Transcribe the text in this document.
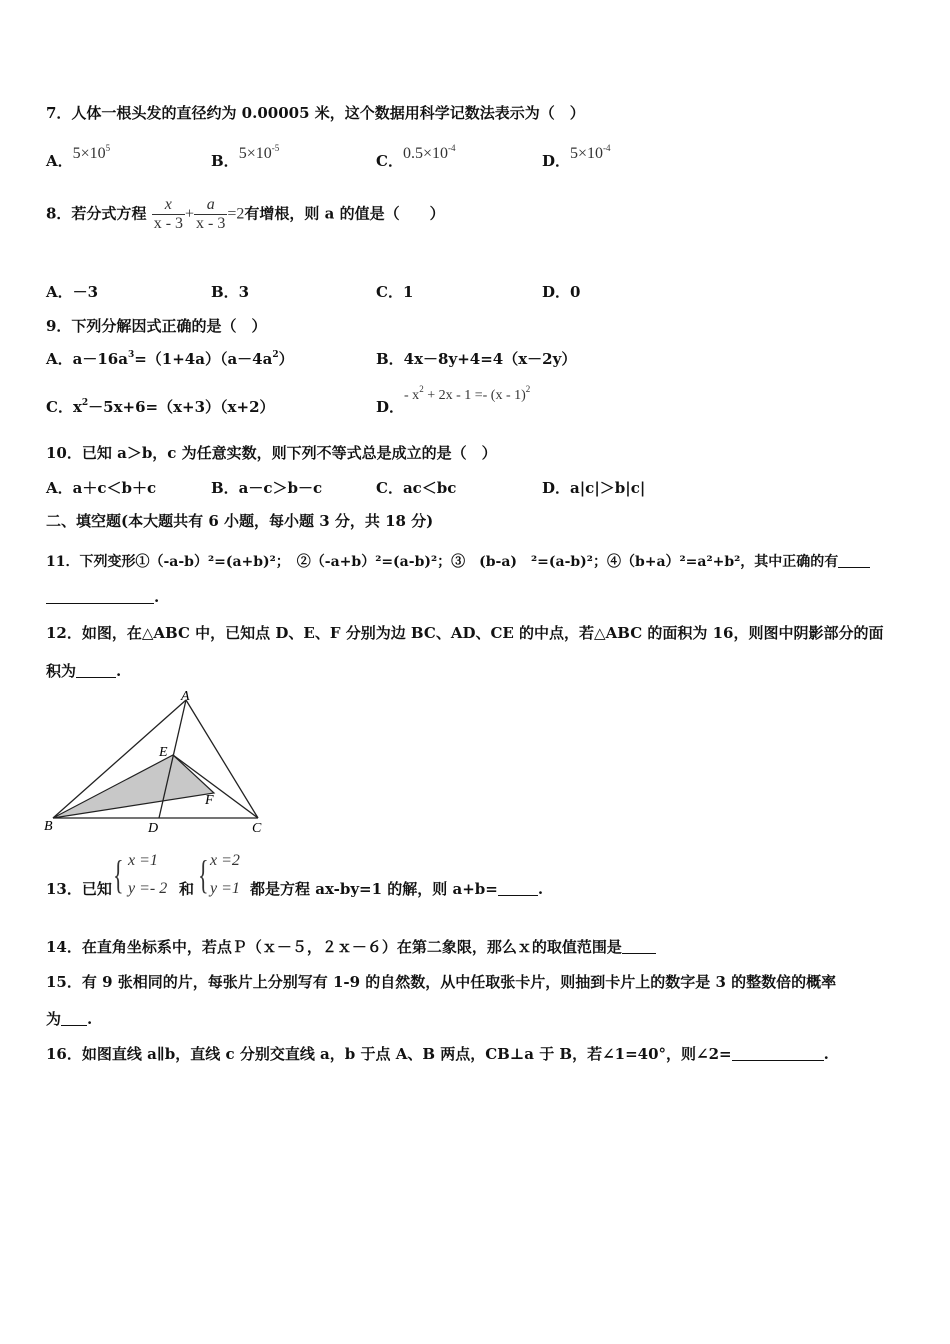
7．人体一根头发的直径约为 0.00005 米，这个数据用科学记数法表示为（　）
A．$5\times 10^5$
B．$5\times 10^{-5}$
C．$0.5\times 10^{-4}$
D．$5\times 10^{-4}$
8．若分式方程 $\frac{x}{x - 3} + \frac{a}{x - 3} =2$有增根，则 a 的值是（　　）
A．－3	B．3	C．1	D．0
9．下列分解因式正确的是（　）
A．$a-16a^3=(1+4a)(a-4a^2)$	B．4x－8y+4=4（x－2y）
C．$x^2-5x+6=(x+3)(x+2)$	D．- $x^2 + 2x - 1 =- (x - 1)^2$
10．已知 a＞b，c 为任意实数，则下列不等式总是成立的是（　）
A．a＋c＜b＋c	B．a－c＞b－c	C．ac＜bc	D．a|c|＞b|c|
二、填空题(本大题共有 6 小题，每小题 3 分，共 18 分)
11．下列变形①（-a-b）²=(a+b)²；　②（-a+b）²=(a-b)²；③　(b-a)　²=(a-b)²；④（b+a）²=a²+b²，其中正确的有
.
12．如图，在△ABC 中，已知点 D、E、F 分别为边 BC、AD、CE 的中点，若△ABC 的面积为 16，则图中阴影部分的面
积为	.
A
B	C
D
E
F
13．已知 { x =1
y =- 2 和 { x =2
y =1 都是方程 ax-by=1 的解，则 a+b=	.
14．在直角坐标系中，若点Ｐ（ｘ－５，２ｘ－６）在第二象限，那么ｘ的取值范围是
15．有 9 张相同的片，每张片上分别写有 1-9 的自然数，从中任取张卡片，则抽到卡片上的数字是 3 的整数倍的概率
为 .
16．如图直线 a∥b，直线 c 分别交直线 a，b 于点 A、B 两点，CB⊥a 于 B，若∠1=40°，则∠2=	.
